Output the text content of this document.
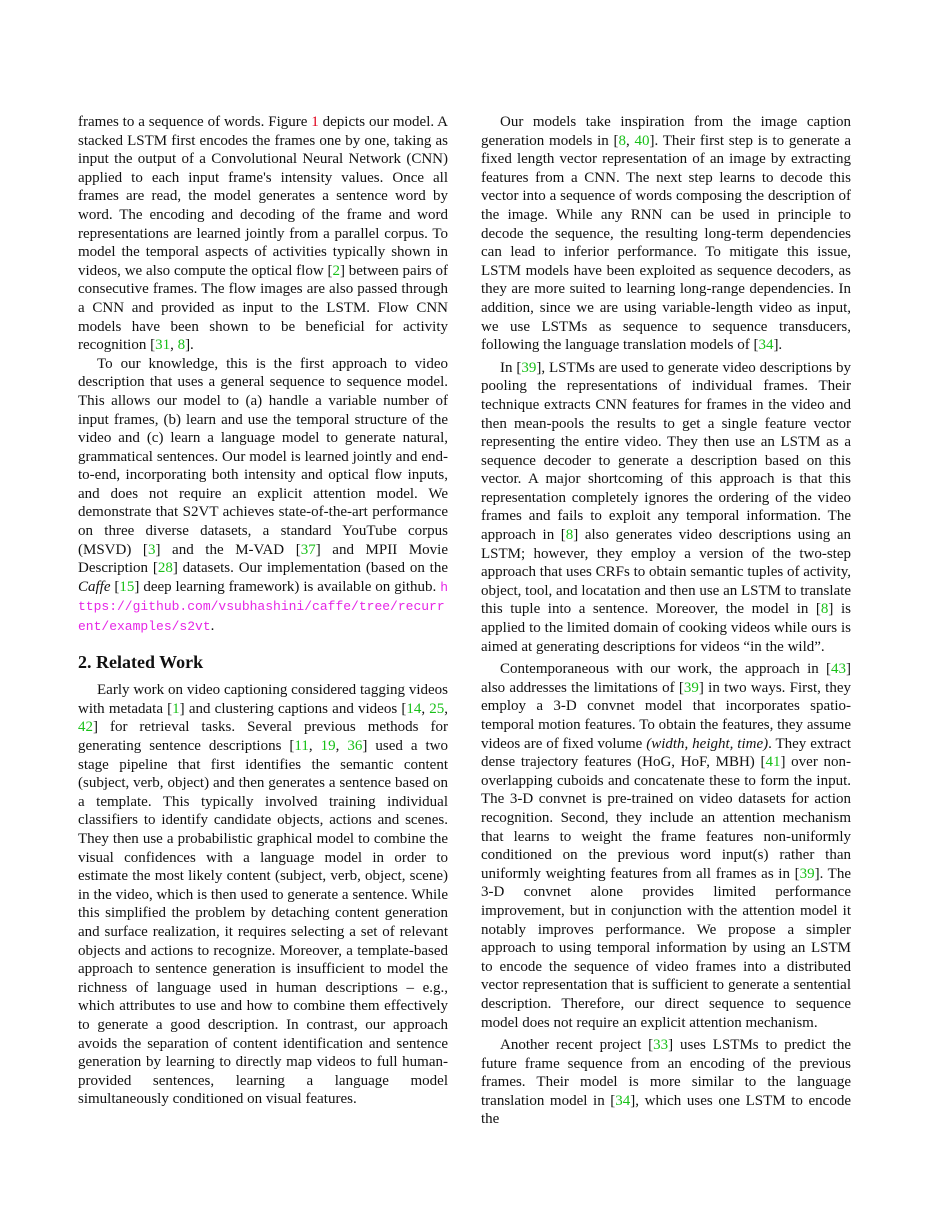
frames to a sequence of words. Figure 1 depicts our model. A stacked LSTM first encodes the frames one by one, taking as input the output of a Convolutional Neural Network (CNN) applied to each input frame's intensity values. Once all frames are read, the model generates a sentence word by word. The encoding and decoding of the frame and word representations are learned jointly from a parallel corpus. To model the temporal aspects of activities typically shown in videos, we also compute the optical flow [2] between pairs of consecutive frames. The flow images are also passed through a CNN and provided as input to the LSTM. Flow CNN models have been shown to be beneficial for activity recognition [31, 8].

To our knowledge, this is the first approach to video description that uses a general sequence to sequence model. This allows our model to (a) handle a variable number of input frames, (b) learn and use the temporal structure of the video and (c) learn a language model to generate natural, grammatical sentences. Our model is learned jointly and end-to-end, incorporating both intensity and optical flow inputs, and does not require an explicit attention model. We demonstrate that S2VT achieves state-of-the-art performance on three diverse datasets, a standard YouTube corpus (MSVD) [3] and the M-VAD [37] and MPII Movie Description [28] datasets. Our implementation (based on the Caffe [15] deep learning framework) is available on github. https://github.com/vsubhashini/caffe/tree/recurrent/examples/s2vt.

2. Related Work

Early work on video captioning considered tagging videos with metadata [1] and clustering captions and videos [14, 25, 42] for retrieval tasks. Several previous methods for generating sentence descriptions [11, 19, 36] used a two stage pipeline that first identifies the semantic content (subject, verb, object) and then generates a sentence based on a template. This typically involved training individual classifiers to identify candidate objects, actions and scenes. They then use a probabilistic graphical model to combine the visual confidences with a language model in order to estimate the most likely content (subject, verb, object, scene) in the video, which is then used to generate a sentence. While this simplified the problem by detaching content generation and surface realization, it requires selecting a set of relevant objects and actions to recognize. Moreover, a template-based approach to sentence generation is insufficient to model the richness of language used in human descriptions – e.g., which attributes to use and how to combine them effectively to generate a good description. In contrast, our approach avoids the separation of content identification and sentence generation by learning to directly map videos to full human-provided sentences, learning a language model simultaneously conditioned on visual features.

Our models take inspiration from the image caption generation models in [8, 40]. Their first step is to generate a fixed length vector representation of an image by extracting features from a CNN. The next step learns to decode this vector into a sequence of words composing the description of the image. While any RNN can be used in principle to decode the sequence, the resulting long-term dependencies can lead to inferior performance. To mitigate this issue, LSTM models have been exploited as sequence decoders, as they are more suited to learning long-range dependencies. In addition, since we are using variable-length video as input, we use LSTMs as sequence to sequence transducers, following the language translation models of [34].

In [39], LSTMs are used to generate video descriptions by pooling the representations of individual frames. Their technique extracts CNN features for frames in the video and then mean-pools the results to get a single feature vector representing the entire video. They then use an LSTM as a sequence decoder to generate a description based on this vector. A major shortcoming of this approach is that this representation completely ignores the ordering of the video frames and fails to exploit any temporal information. The approach in [8] also generates video descriptions using an LSTM; however, they employ a version of the two-step approach that uses CRFs to obtain semantic tuples of activity, object, tool, and locatation and then use an LSTM to translate this tuple into a sentence. Moreover, the model in [8] is applied to the limited domain of cooking videos while ours is aimed at generating descriptions for videos “in the wild”.

Contemporaneous with our work, the approach in [43] also addresses the limitations of [39] in two ways. First, they employ a 3-D convnet model that incorporates spatio-temporal motion features. To obtain the features, they assume videos are of fixed volume (width, height, time). They extract dense trajectory features (HoG, HoF, MBH) [41] over non-overlapping cuboids and concatenate these to form the input. The 3-D convnet is pre-trained on video datasets for action recognition. Second, they include an attention mechanism that learns to weight the frame features non-uniformly conditioned on the previous word input(s) rather than uniformly weighting features from all frames as in [39]. The 3-D convnet alone provides limited performance improvement, but in conjunction with the attention model it notably improves performance. We propose a simpler approach to using temporal information by using an LSTM to encode the sequence of video frames into a distributed vector representation that is sufficient to generate a sentential description. Therefore, our direct sequence to sequence model does not require an explicit attention mechanism.

Another recent project [33] uses LSTMs to predict the future frame sequence from an encoding of the previous frames. Their model is more similar to the language translation model in [34], which uses one LSTM to encode the
